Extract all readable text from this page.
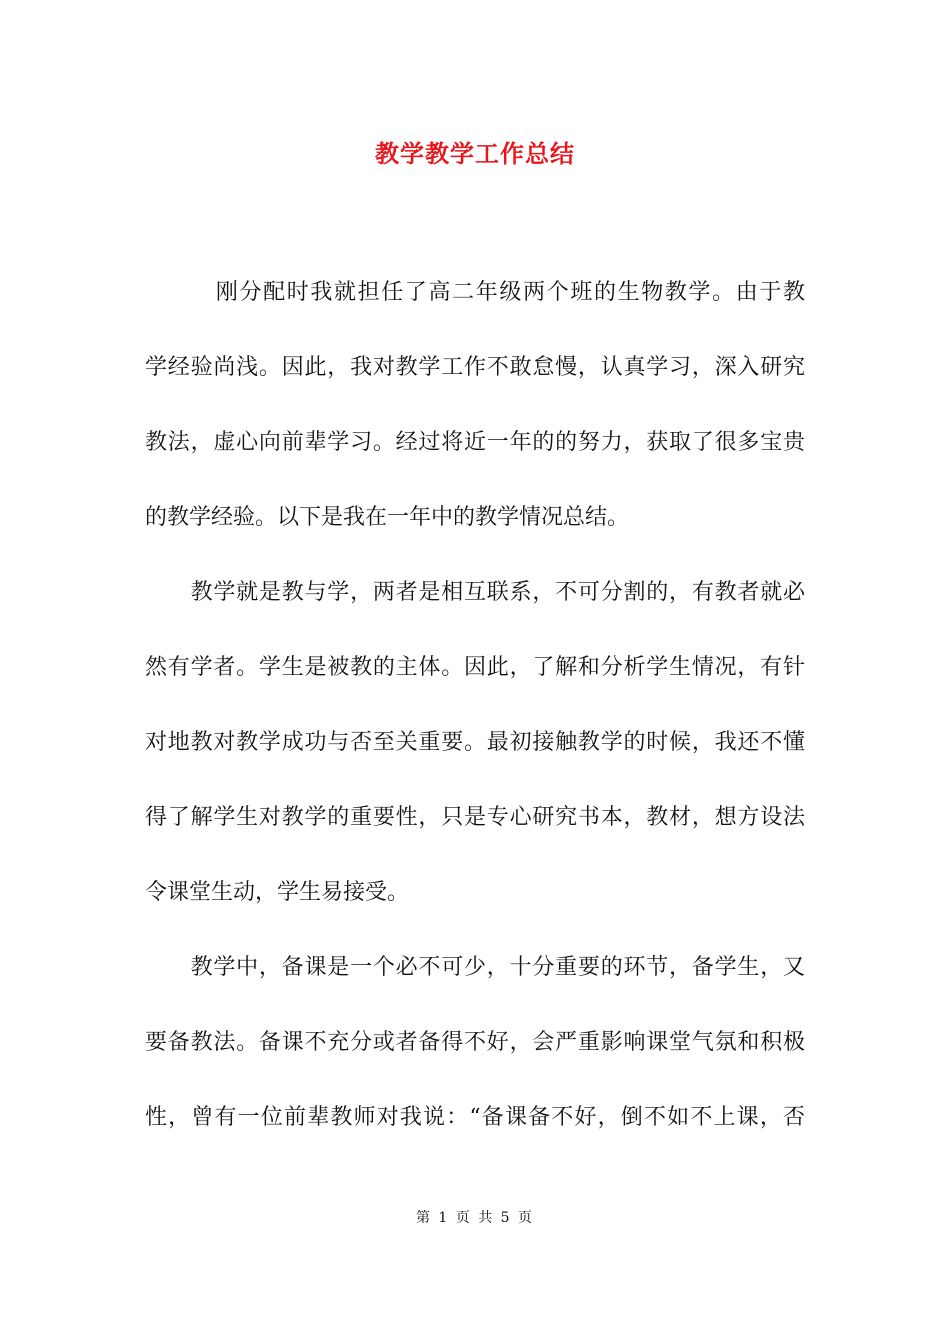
教学教学工作总结
　　　刚分配时我就担任了高二年级两个班的生物教学。由于教
学经验尚浅。因此，我对教学工作不敢怠慢，认真学习，深入研究
教法，虚心向前辈学习。经过将近一年的的努力，获取了很多宝贵
的教学经验。以下是我在一年中的教学情况总结。
　　教学就是教与学，两者是相互联系，不可分割的，有教者就必
然有学者。学生是被教的主体。因此，了解和分析学生情况，有针
对地教对教学成功与否至关重要。最初接触教学的时候，我还不懂
得了解学生对教学的重要性，只是专心研究书本，教材，想方设法
令课堂生动，学生易接受。
　　教学中，备课是一个必不可少，十分重要的环节，备学生，又
要备教法。备课不充分或者备得不好，会严重影响课堂气氛和积极
性，曾有一位前辈教师对我说：“备课备不好，倒不如不上课，否
第 1 页 共 5 页
